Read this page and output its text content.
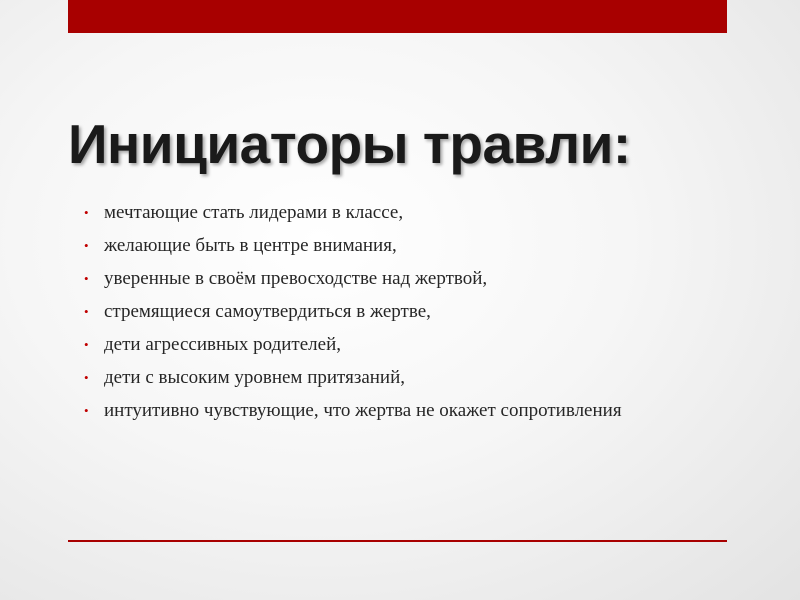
Инициаторы травли:
• мечтающие стать лидерами в классе,
• желающие быть в центре внимания,
• уверенные в своём превосходстве над жертвой,
• стремящиеся самоутвердиться в жертве,
• дети агрессивных родителей,
• дети с высоким уровнем притязаний,
• интуитивно чувствующие, что жертва не окажет сопротивления
